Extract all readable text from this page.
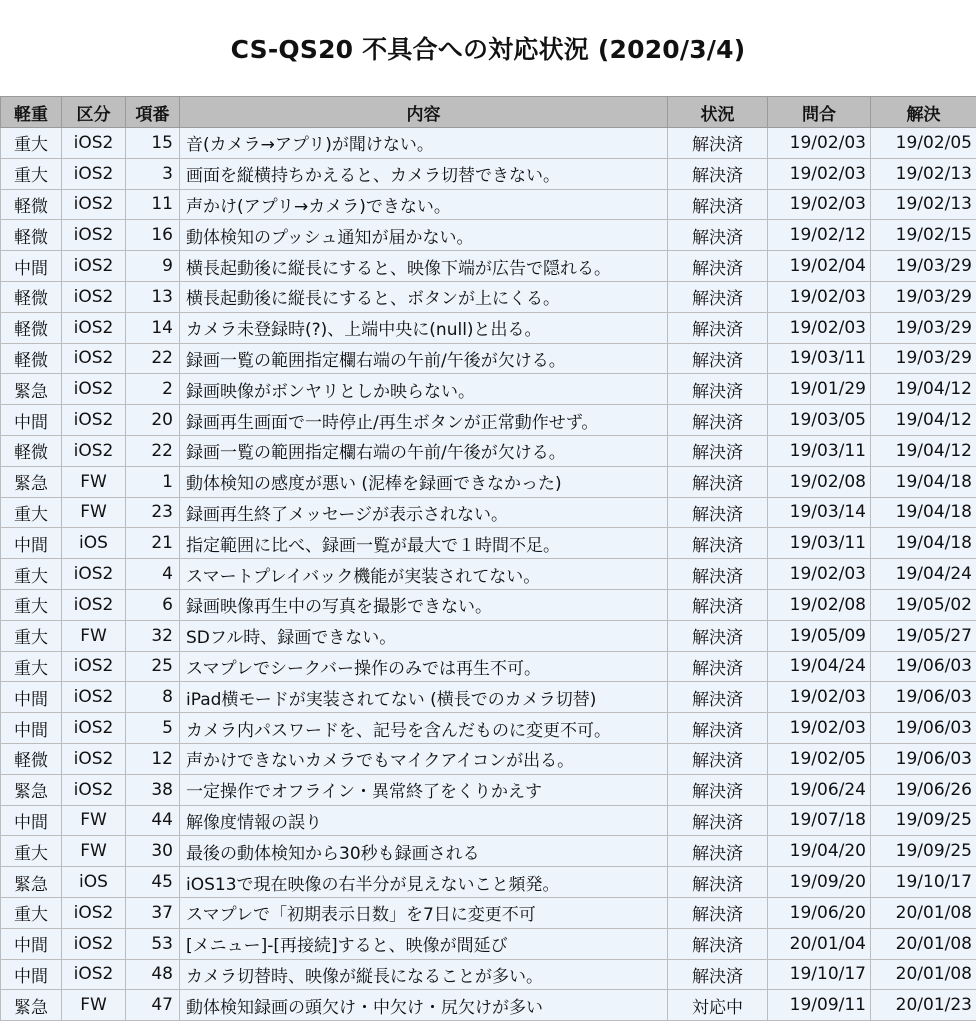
CS-QS20 不具合への対応状況 (2020/3/4)
軽重	区分	項番	内容	状況	問合	解決
重大	iOS2	15	音(カメラ→アプリ)が聞けない。	解決済	19/02/03	19/02/05
重大	iOS2	3	画面を縦横持ちかえると、カメラ切替できない。	解決済	19/02/03	19/02/13
軽微	iOS2	11	声かけ(アプリ→カメラ)できない。	解決済	19/02/03	19/02/13
軽微	iOS2	16	動体検知のプッシュ通知が届かない。	解決済	19/02/12	19/02/15
中間	iOS2	9	横長起動後に縦長にすると、映像下端が広告で隠れる。	解決済	19/02/04	19/03/29
軽微	iOS2	13	横長起動後に縦長にすると、ボタンが上にくる。	解決済	19/02/03	19/03/29
軽微	iOS2	14	カメラ未登録時(?)、上端中央に(null)と出る。	解決済	19/02/03	19/03/29
軽微	iOS2	22	録画一覧の範囲指定欄右端の午前/午後が欠ける。	解決済	19/03/11	19/03/29
緊急	iOS2	2	録画映像がボンヤリとしか映らない。	解決済	19/01/29	19/04/12
中間	iOS2	20	録画再生画面で一時停止/再生ボタンが正常動作せず。	解決済	19/03/05	19/04/12
軽微	iOS2	22	録画一覧の範囲指定欄右端の午前/午後が欠ける。	解決済	19/03/11	19/04/12
緊急	FW	1	動体検知の感度が悪い (泥棒を録画できなかった)	解決済	19/02/08	19/04/18
重大	FW	23	録画再生終了メッセージが表示されない。	解決済	19/03/14	19/04/18
中間	iOS	21	指定範囲に比べ、録画一覧が最大で１時間不足。	解決済	19/03/11	19/04/18
重大	iOS2	4	スマートプレイバック機能が実装されてない。	解決済	19/02/03	19/04/24
重大	iOS2	6	録画映像再生中の写真を撮影できない。	解決済	19/02/08	19/05/02
重大	FW	32	SDフル時、録画できない。	解決済	19/05/09	19/05/27
重大	iOS2	25	スマプレでシークバー操作のみでは再生不可。	解決済	19/04/24	19/06/03
中間	iOS2	8	iPad横モードが実装されてない (横長でのカメラ切替)	解決済	19/02/03	19/06/03
中間	iOS2	5	カメラ内パスワードを、記号を含んだものに変更不可。	解決済	19/02/03	19/06/03
軽微	iOS2	12	声かけできないカメラでもマイクアイコンが出る。	解決済	19/02/05	19/06/03
緊急	iOS2	38	一定操作でオフライン・異常終了をくりかえす	解決済	19/06/24	19/06/26
中間	FW	44	解像度情報の誤り	解決済	19/07/18	19/09/25
重大	FW	30	最後の動体検知から30秒も録画される	解決済	19/04/20	19/09/25
緊急	iOS	45	iOS13で現在映像の右半分が見えないこと頻発。	解決済	19/09/20	19/10/17
重大	iOS2	37	スマプレで「初期表示日数」を7日に変更不可	解決済	19/06/20	20/01/08
中間	iOS2	53	[メニュー]-[再接続]すると、映像が間延び	解決済	20/01/04	20/01/08
中間	iOS2	48	カメラ切替時、映像が縦長になることが多い。	解決済	19/10/17	20/01/08
緊急	FW	47	動体検知録画の頭欠け・中欠け・尻欠けが多い	対応中	19/09/11	20/01/23
